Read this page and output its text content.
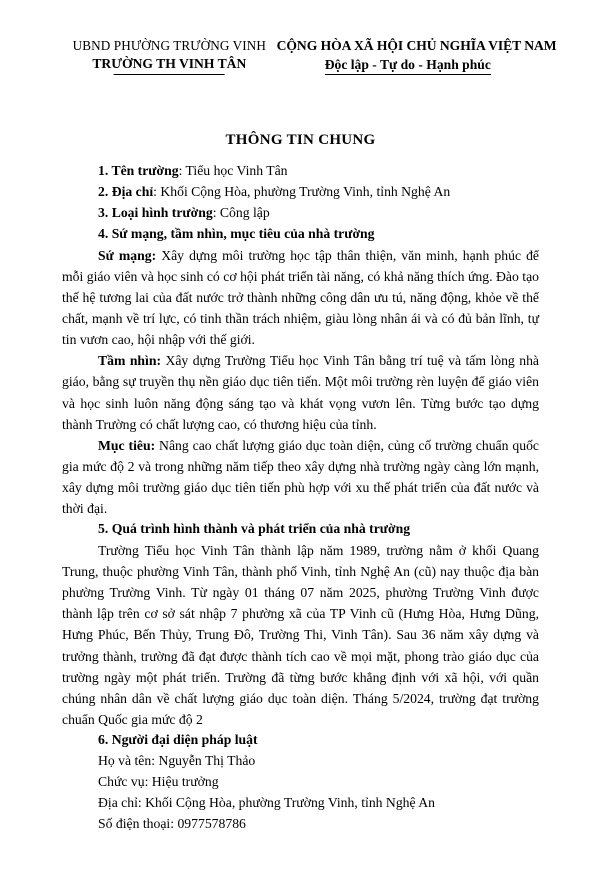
UBND PHƯỜNG TRƯỜNG VINH
TRƯỜNG TH VINH TÂN
CỘNG HÒA XÃ HỘI CHỦ NGHĨA VIỆT NAM
Độc lập - Tự do - Hạnh phúc
THÔNG TIN CHUNG

1. Tên trường: Tiểu học Vinh Tân

2. Địa chỉ: Khối Cộng Hòa, phường Trường Vinh, tỉnh Nghệ An

3. Loại hình trường: Công lập

4. Sứ mạng, tầm nhìn, mục tiêu của nhà trường

Sứ mạng: Xây dựng môi trường học tập thân thiện, văn minh, hạnh phúc để mỗi giáo viên và học sinh có cơ hội phát triển tài năng, có khả năng thích ứng. Đào tạo thế hệ tương lai của đất nước trở thành những công dân ưu tú, năng động, khỏe về thể chất, mạnh về trí lực, có tinh thần trách nhiệm, giàu lòng nhân ái và có đủ bản lĩnh, tự tin vươn cao, hội nhập với thế giới.

Tầm nhìn: Xây dựng Trường Tiểu học Vinh Tân bằng trí tuệ và tấm lòng nhà giáo, bằng sự truyền thụ nền giáo dục tiên tiến. Một môi trường rèn luyện để giáo viên và học sinh luôn năng động sáng tạo và khát vọng vươn lên. Từng bước tạo dựng thành Trường có chất lượng cao, có thương hiệu của tỉnh.

Mục tiêu: Nâng cao chất lượng giáo dục toàn diện, củng cố trường chuẩn quốc gia mức độ 2 và trong những năm tiếp theo xây dựng nhà trường ngày càng lớn mạnh, xây dựng môi trường giáo dục tiên tiến phù hợp với xu thế phát triển của đất nước và thời đại.

5. Quá trình hình thành và phát triển của nhà trường

Trường Tiểu học Vinh Tân thành lập năm 1989, trường nằm ở khối Quang Trung, thuộc phường Vinh Tân, thành phố Vinh, tỉnh Nghệ An (cũ) nay thuộc địa bàn phường Trường Vinh. Từ ngày 01 tháng 07 năm 2025, phường Trường Vinh được thành lập trên cơ sở sát nhập 7 phường xã của TP Vinh cũ (Hưng Hòa, Hưng Dũng, Hưng Phúc, Bến Thủy, Trung Đô, Trường Thi, Vinh Tân). Sau 36 năm xây dựng và trưởng thành, trường đã đạt được thành tích cao về mọi mặt, phong trào giáo dục của trường ngày một phát triển. Trường đã từng bước khẳng định với xã hội, với quần chúng nhân dân về chất lượng giáo dục toàn diện. Tháng 5/2024, trường đạt trường chuẩn Quốc gia mức độ 2

6. Người đại diện pháp luật

Họ và tên: Nguyễn Thị Thảo

Chức vụ: Hiệu trưởng

Địa chỉ: Khối Cộng Hòa, phường Trường Vinh, tỉnh Nghệ An

Số điện thoại: 0977578786
